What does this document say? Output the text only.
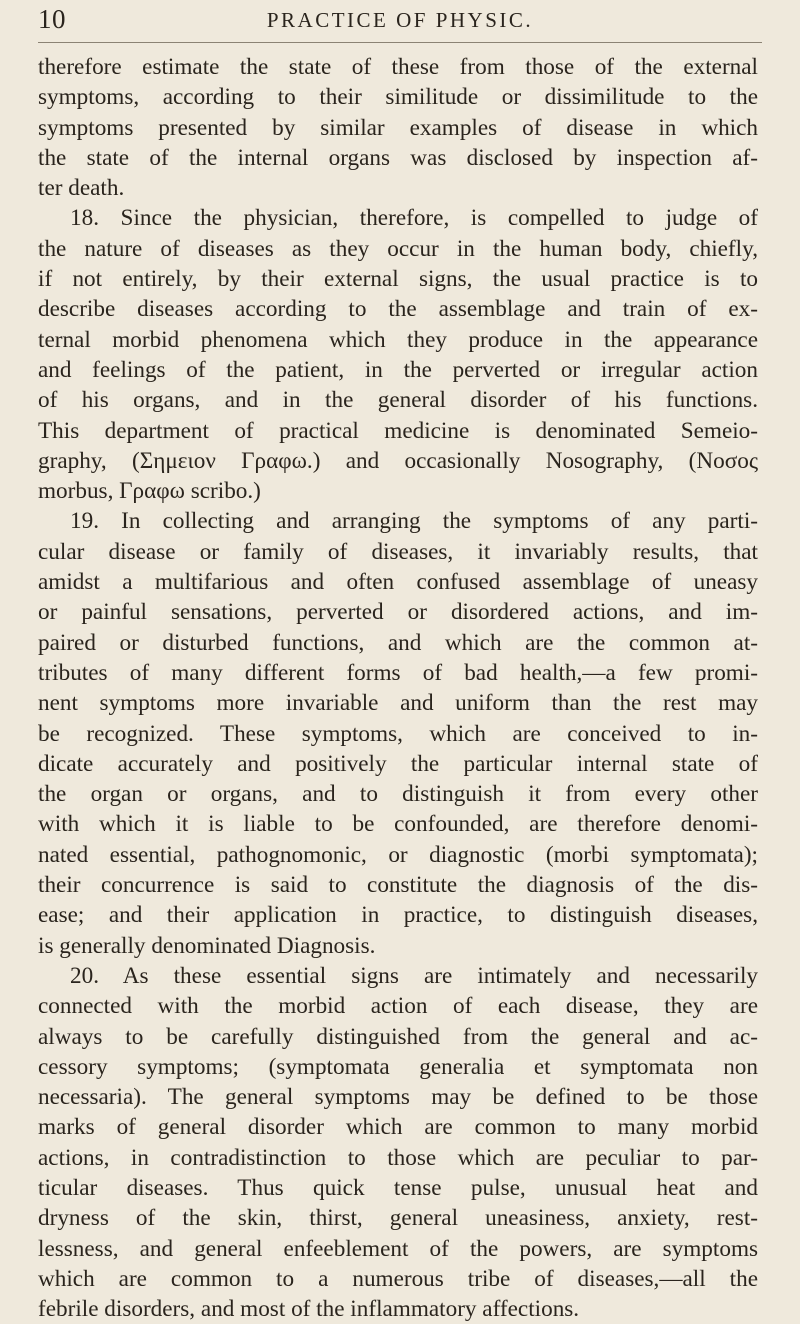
10	PRACTICE OF PHYSIC.
therefore estimate the state of these from those of the external
symptoms, according to their similitude or dissimilitude to the
symptoms presented by similar examples of disease in which
the state of the internal organs was disclosed by inspection af-
ter death.
18. Since the physician, therefore, is compelled to judge of
the nature of diseases as they occur in the human body, chiefly,
if not entirely, by their external signs, the usual practice is to
describe diseases according to the assemblage and train of ex-
ternal morbid phenomena which they produce in the appearance
and feelings of the patient, in the perverted or irregular action
of his organs, and in the general disorder of his functions.
This department of practical medicine is denominated Semeio-
graphy, (Σημειον Γραφω.) and occasionally Nosography, (Νοσος
morbus, Γραφω scribo.)
19. In collecting and arranging the symptoms of any parti-
cular disease or family of diseases, it invariably results, that
amidst a multifarious and often confused assemblage of uneasy
or painful sensations, perverted or disordered actions, and im-
paired or disturbed functions, and which are the common at-
tributes of many different forms of bad health,—a few promi-
nent symptoms more invariable and uniform than the rest may
be recognized. These symptoms, which are conceived to in-
dicate accurately and positively the particular internal state of
the organ or organs, and to distinguish it from every other
with which it is liable to be confounded, are therefore denomi-
nated essential, pathognomonic, or diagnostic (morbi symptomata);
their concurrence is said to constitute the diagnosis of the dis-
ease; and their application in practice, to distinguish diseases,
is generally denominated Diagnosis.
20. As these essential signs are intimately and necessarily
connected with the morbid action of each disease, they are
always to be carefully distinguished from the general and ac-
cessory symptoms; (symptomata generalia et symptomata non
necessaria). The general symptoms may be defined to be those
marks of general disorder which are common to many morbid
actions, in contradistinction to those which are peculiar to par-
ticular diseases. Thus quick tense pulse, unusual heat and
dryness of the skin, thirst, general uneasiness, anxiety, rest-
lessness, and general enfeeblement of the powers, are symptoms
which are common to a numerous tribe of diseases,—all the
febrile disorders, and most of the inflammatory affections.
